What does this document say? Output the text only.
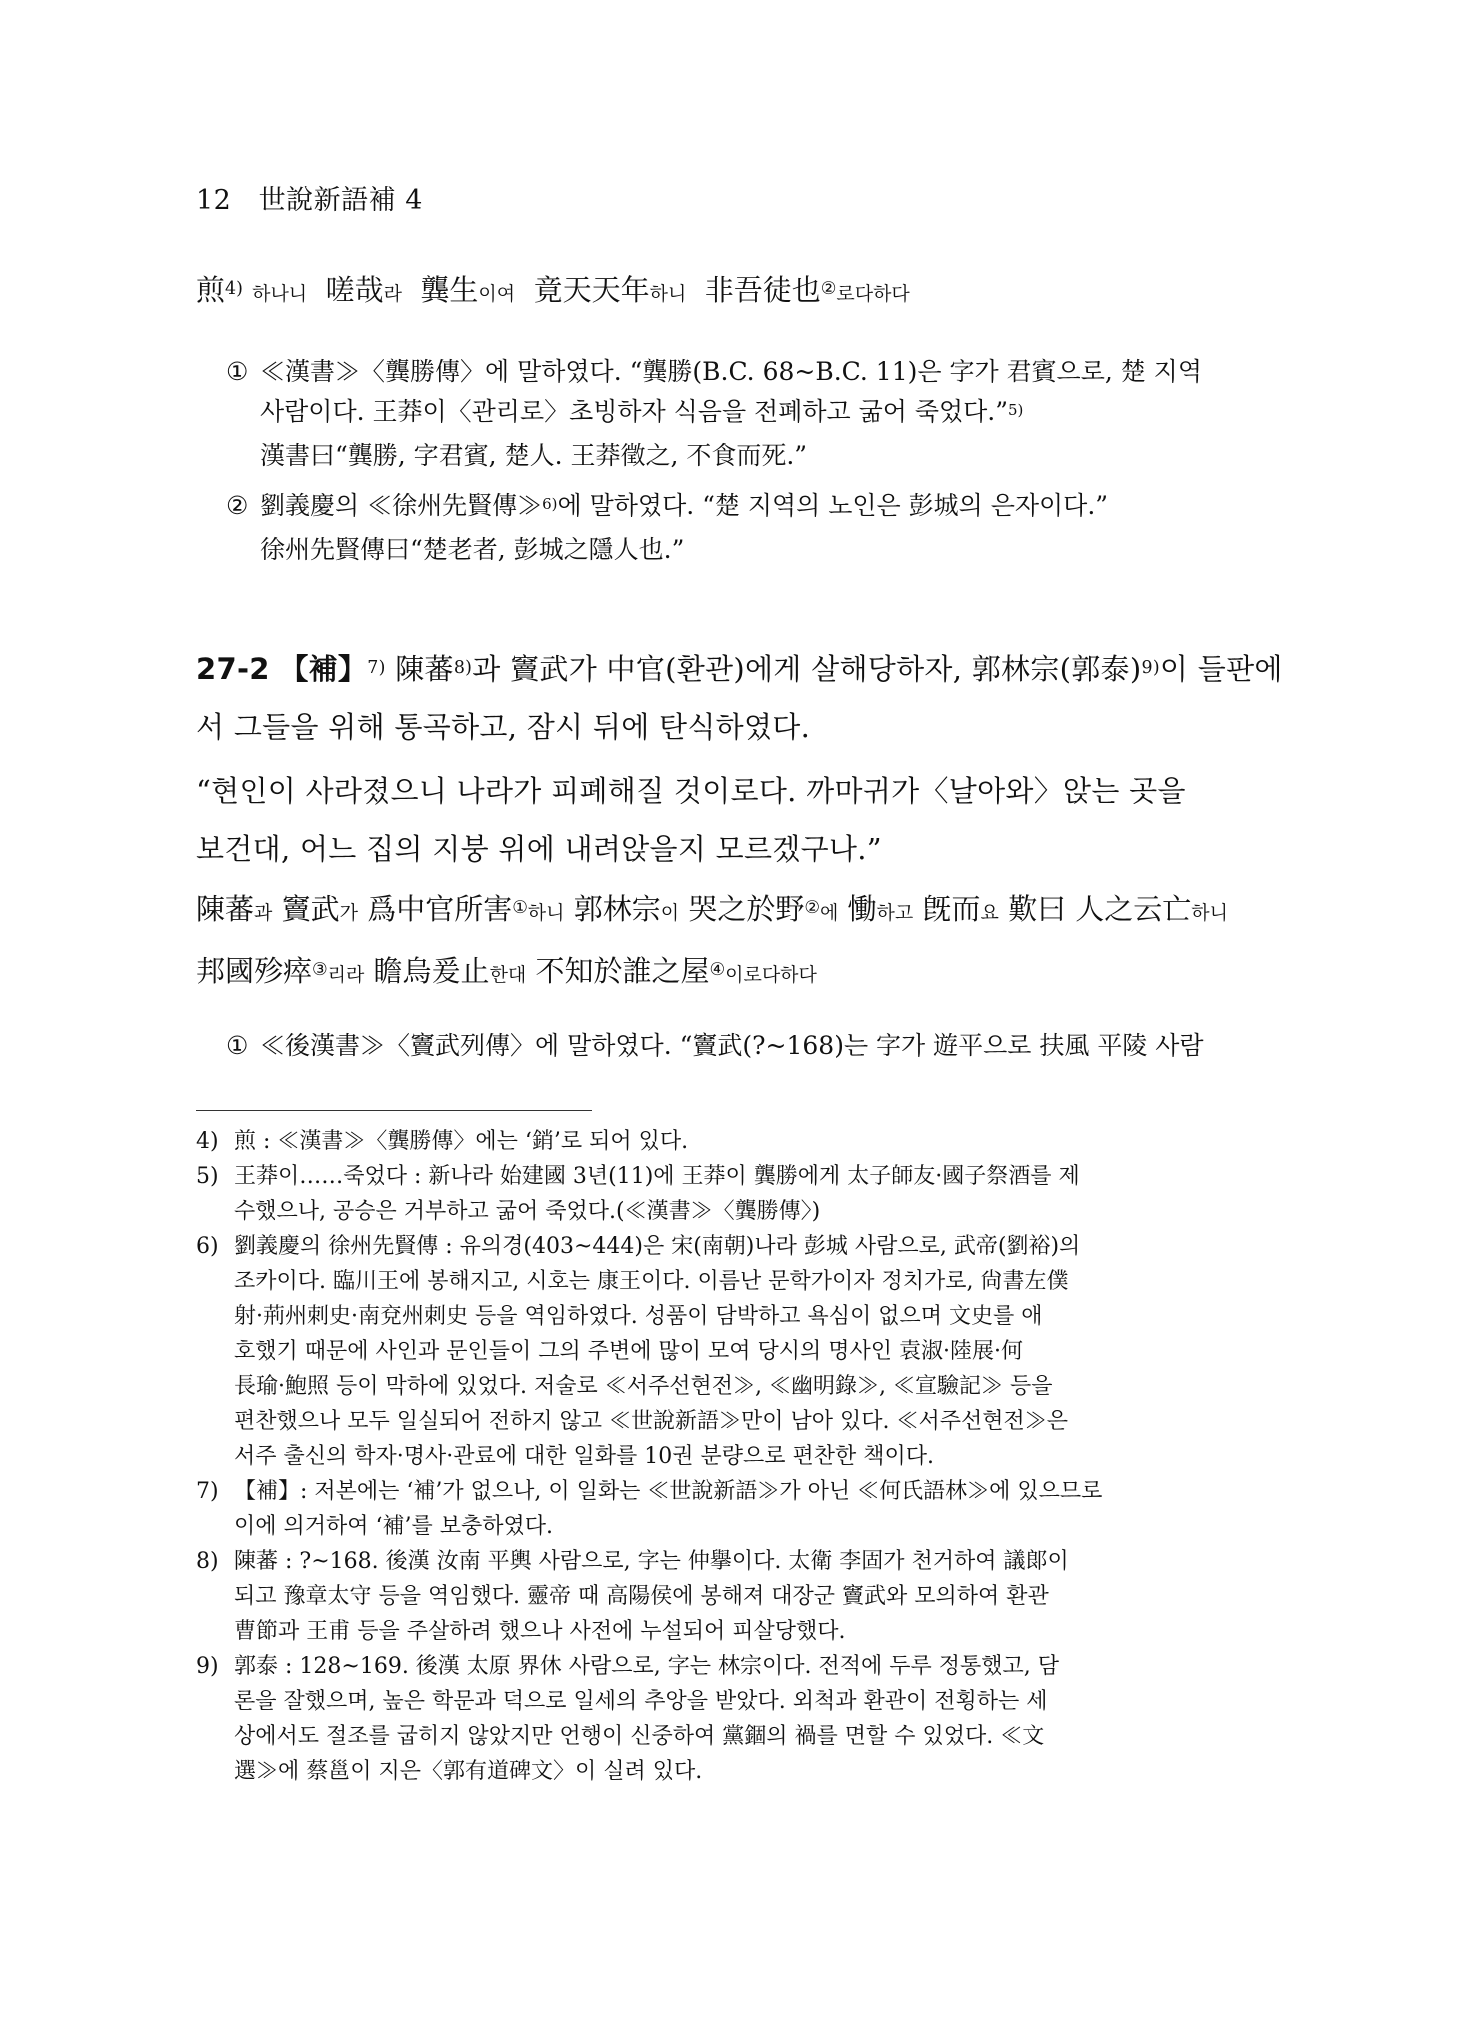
12 世說新語補 4
煎$^{4)}$ 하나니 嗟哉라 龔生이여 竟天天年하니 非吾徒也②로다하다
① ≪漢書≫〈龔勝傳〉에 말하였다. “龔勝(B.C. 68~B.C. 11)은 字가 君賓으로, 楚 지역
사람이다. 王莽이〈관리로〉초빙하자 식음을 전폐하고 굶어 죽었다.”$^{5)}$
漢書曰“龔勝, 字君賓, 楚人. 王莽徵之, 不食而死.”
② 劉義慶의 ≪徐州先賢傳≫$^{6)}$에 말하였다. “楚 지역의 노인은 彭城의 은자이다.”
徐州先賢傳曰“楚老者, 彭城之隱人也.”
27-2 【補】$^{7)}$ 陳蕃$^{8)}$과 竇武가 中官(환관)에게 살해당하자, 郭林宗(郭泰)$^{9)}$이 들판에
서 그들을 위해 통곡하고, 잠시 뒤에 탄식하였다.
“현인이 사라졌으니 나라가 피폐해질 것이로다. 까마귀가〈날아와〉앉는 곳을
보건대, 어느 집의 지붕 위에 내려앉을지 모르겠구나.”
陳蕃과 竇武가 爲中官所害①하니 郭林宗이 哭之於野②에 慟하고 旣而요 歎曰 人之云亡하니
邦國殄瘁③리라 瞻烏爰止한대 不知於誰之屋④이로다하다
① ≪後漢書≫〈竇武列傳〉에 말하였다. “竇武(?~168)는 字가 遊平으로 扶風 平陵 사람
4) 煎 : ≪漢書≫〈龔勝傳〉에는 ‘銷’로 되어 있다.
5) 王莽이……죽었다 : 新나라 始建國 3년(11)에 王莽이 龔勝에게 太子師友·國子祭酒를 제
수했으나, 공승은 거부하고 굶어 죽었다.(≪漢書≫〈龔勝傳〉)
6) 劉義慶의 徐州先賢傳 : 유의경(403~444)은 宋(南朝)나라 彭城 사람으로, 武帝(劉裕)의
조카이다. 臨川王에 봉해지고, 시호는 康王이다. 이름난 문학가이자 정치가로, 尙書左僕
射·荊州刺史·南兗州刺史 등을 역임하였다. 성품이 담박하고 욕심이 없으며 文史를 애
호했기 때문에 사인과 문인들이 그의 주변에 많이 모여 당시의 명사인 袁淑·陸展·何
長瑜·鮑照 등이 막하에 있었다. 저술로 ≪서주선현전≫, ≪幽明錄≫, ≪宣驗記≫ 등을
편찬했으나 모두 일실되어 전하지 않고 ≪世說新語≫만이 남아 있다. ≪서주선현전≫은
서주 출신의 학자·명사·관료에 대한 일화를 10권 분량으로 편찬한 책이다.
7) 【補】: 저본에는 ‘補’가 없으나, 이 일화는 ≪世說新語≫가 아닌 ≪何氏語林≫에 있으므로
이에 의거하여 ‘補’를 보충하였다.
8) 陳蕃 : ?~168. 後漢 汝南 平輿 사람으로, 字는 仲擧이다. 太衛 李固가 천거하여 議郞이
되고 豫章太守 등을 역임했다. 靈帝 때 高陽侯에 봉해져 대장군 竇武와 모의하여 환관
曹節과 王甫 등을 주살하려 했으나 사전에 누설되어 피살당했다.
9) 郭泰 : 128~169. 後漢 太原 界休 사람으로, 字는 林宗이다. 전적에 두루 정통했고, 담
론을 잘했으며, 높은 학문과 덕으로 일세의 추앙을 받았다. 외척과 환관이 전횡하는 세
상에서도 절조를 굽히지 않았지만 언행이 신중하여 黨錮의 禍를 면할 수 있었다. ≪文
選≫에 蔡邕이 지은〈郭有道碑文〉이 실려 있다.
